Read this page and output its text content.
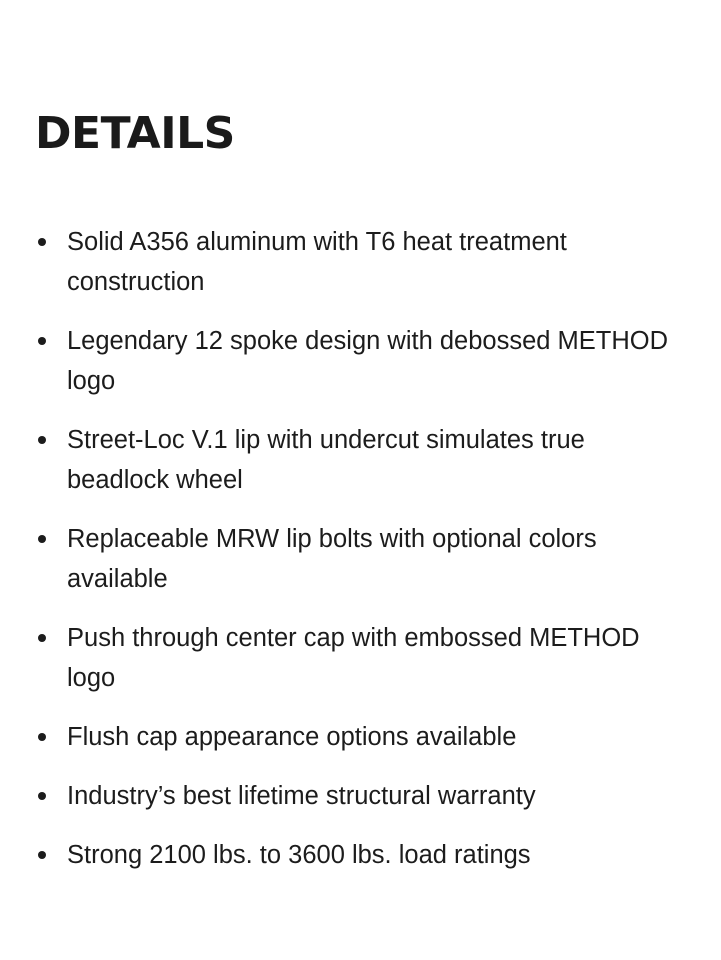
DETAILS
Solid A356 aluminum with T6 heat treatment construction
Legendary 12 spoke design with debossed METHOD logo
Street-Loc V.1 lip with undercut simulates true beadlock wheel
Replaceable MRW lip bolts with optional colors available
Push through center cap with embossed METHOD logo
Flush cap appearance options available
Industry’s best lifetime structural warranty
Strong 2100 lbs. to 3600 lbs. load ratings
